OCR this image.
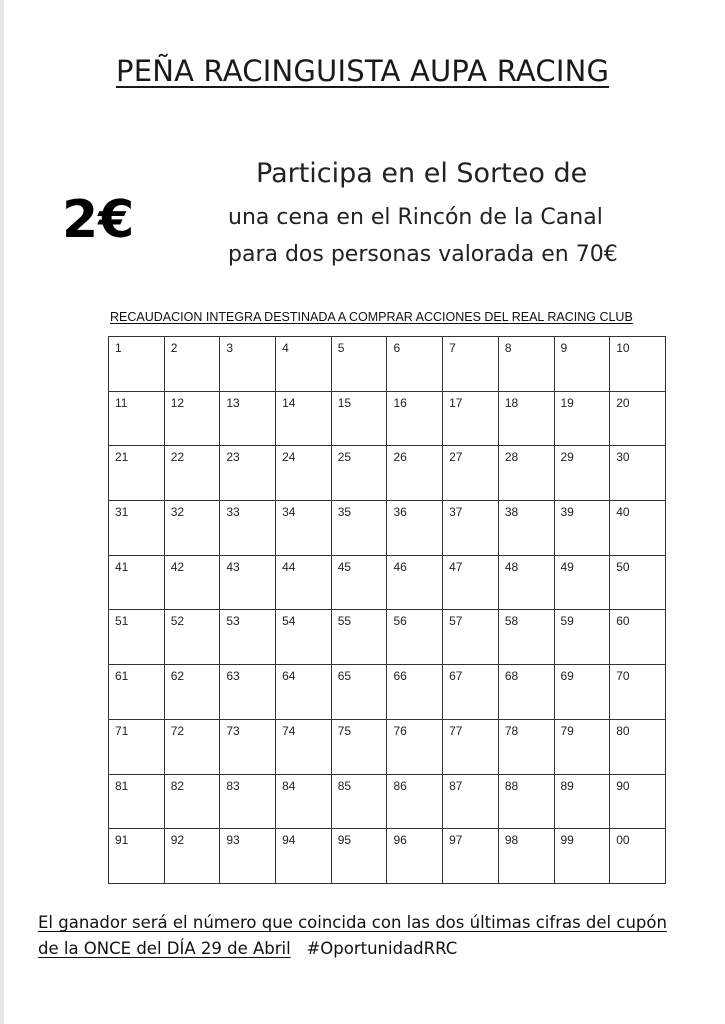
PEÑA RACINGUISTA AUPA RACING
2€
Participa en el Sorteo de
una cena en el Rincón de la Canal
para dos personas valorada en 70€
RECAUDACION INTEGRA DESTINADA A COMPRAR ACCIONES DEL REAL RACING CLUB
1	2	3	4	5	6	7	8	9	10
11	12	13	14	15	16	17	18	19	20
21	22	23	24	25	26	27	28	29	30
31	32	33	34	35	36	37	38	39	40
41	42	43	44	45	46	47	48	49	50
51	52	53	54	55	56	57	58	59	60
61	62	63	64	65	66	67	68	69	70
71	72	73	74	75	76	77	78	79	80
81	82	83	84	85	86	87	88	89	90
91	92	93	94	95	96	97	98	99	00
El ganador será el número que coincida con las dos últimas cifras del cupón
de la ONCE del DÍA 29 de Abril #OportunidadRRC
